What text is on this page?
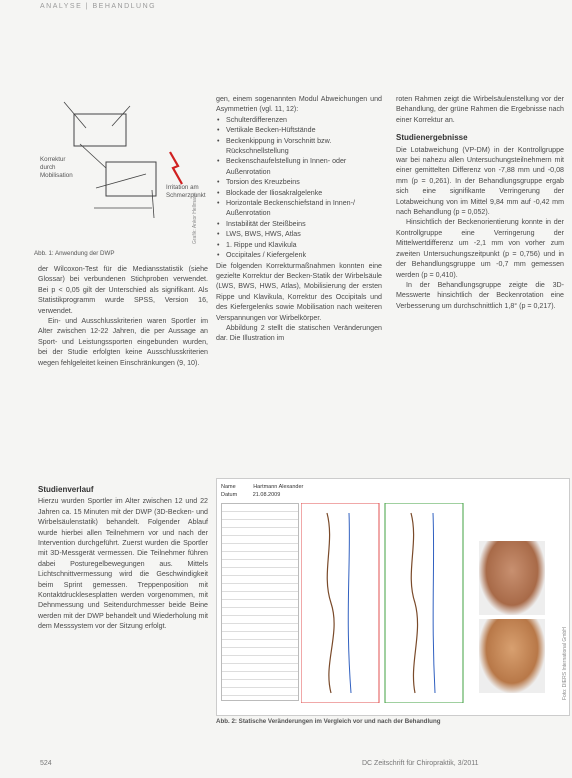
ANALYSE | BEHANDLUNG
Korrektur durch Mobilisation
Irritation am Schmerzpunkt
Grafik: Ankor Hellmann
Abb. 1: Anwendung der DWP

der Wilcoxon-Test für die Mediansstatistik (siehe Glossar) bei verbundenen Stichproben verwendet. Bei p < 0,05 gilt der Unterschied als signifikant. Als Statistikprogramm wurde SPSS, Version 16, verwendet.

Ein- und Ausschlusskriterien waren Sportler im Alter zwischen 12-22 Jahren, die per Aussage an Sport- und Leistungssporten eingebunden wurden, bei der Studie erfolgten keine Ausschlusskriterien wegen fehlgeleitet keinen Einschränkungen (9, 10).

Studienverlauf

Hierzu wurden Sportler im Alter zwischen 12 und 22 Jahren ca. 15 Minuten mit der DWP (3D-Becken- und Wirbelsäulenstatik) behandelt. Folgender Ablauf wurde hierbei allen Teilnehmern vor und nach der Intervention durchgeführt. Zuerst wurden die Sportler mit 3D-Messgerät vermessen. Die Teilnehmer führen dabei Posturegelbewegungen aus. Mittels Lichtschnittvermessung wird die Geschwindigkeit beim Sprint gemessen. Treppenposition mit Kontaktdrucklesesplatten werden vorgenommen, mit Dehnmessung und Seitendurchmesser beide Beine werden mit der DWP behandelt und Wiederholung mit dem Messsystem vor der Sitzung erfolgt.

gen, einem sogenannten Modul Abweichungen und Asymmetrien (vgl. 11, 12):

• Schulterdifferenzen
• Vertikale Becken-Hüftstände
• Beckenkippung in Vorschnitt bzw. Rückschnellstellung
• Beckenschaufelstellung in Innen- oder Außenrotation
• Torsion des Kreuzbeins
• Blockade der Iliosakralgelenke
• Horizontale Beckenschiefstand in Innen-/ Außenrotation
• Instabilität der Steißbeins
• LWS, BWS, HWS, Atlas
• 1. Rippe und Klavikula
• Occipitales / Kiefergelenk

Die folgenden Korrekturmaßnahmen konnten eine gezielte Korrektur der Becken-Statik der Wirbelsäule (LWS, BWS, HWS, Atlas), Mobilisierung der ersten Rippe und Klavikula, Korrektur des Occipitals und des Kiefergelenks sowie Mobilisation nach weiteren Verspannungen vor Wirbelkörper.

Abbildung 2 stellt die statischen Veränderungen dar. Die Illustration im

roten Rahmen zeigt die Wirbelsäulenstellung vor der Behandlung, der grüne Rahmen die Ergebnisse nach einer Korrektur an.

Studienergebnisse

Die Lotabweichung (VP-DM) in der Kontrollgruppe war bei nahezu allen Untersuchungsteilnehmern mit einer gemittelten Differenz von -7,88 mm und -0,08 mm (p = 0,261). In der Behandlungsgruppe ergab sich eine signifikante Verringerung der Lotabweichung von im Mittel 9,84 mm auf -0,42 mm nach Behandlung (p = 0,052).

Hinsichtlich der Beckenorientierung konnte in der Kontrollgruppe eine Verringerung der Mittelwertdifferenz um -2,1 mm von vorher zum zweiten Untersuchungszeitpunkt (p = 0,756) und in der Behandlungsgruppe um -0,7 mm gemessen werden (p = 0,410).

In der Behandlungsgruppe zeigte die 3D-Messwerte hinsichtlich der Beckenrotation eine Verbesserung um durchschnittlich 1,8° (p = 0,217).

Name	Hartmann Alexander
Datum	21.08.2009
Foto: DIERS International GmbH
Abb. 2: Statische Veränderungen im Vergleich vor und nach der Behandlung
524	DC Zeitschrift für Chiropraktik, 3/2011
